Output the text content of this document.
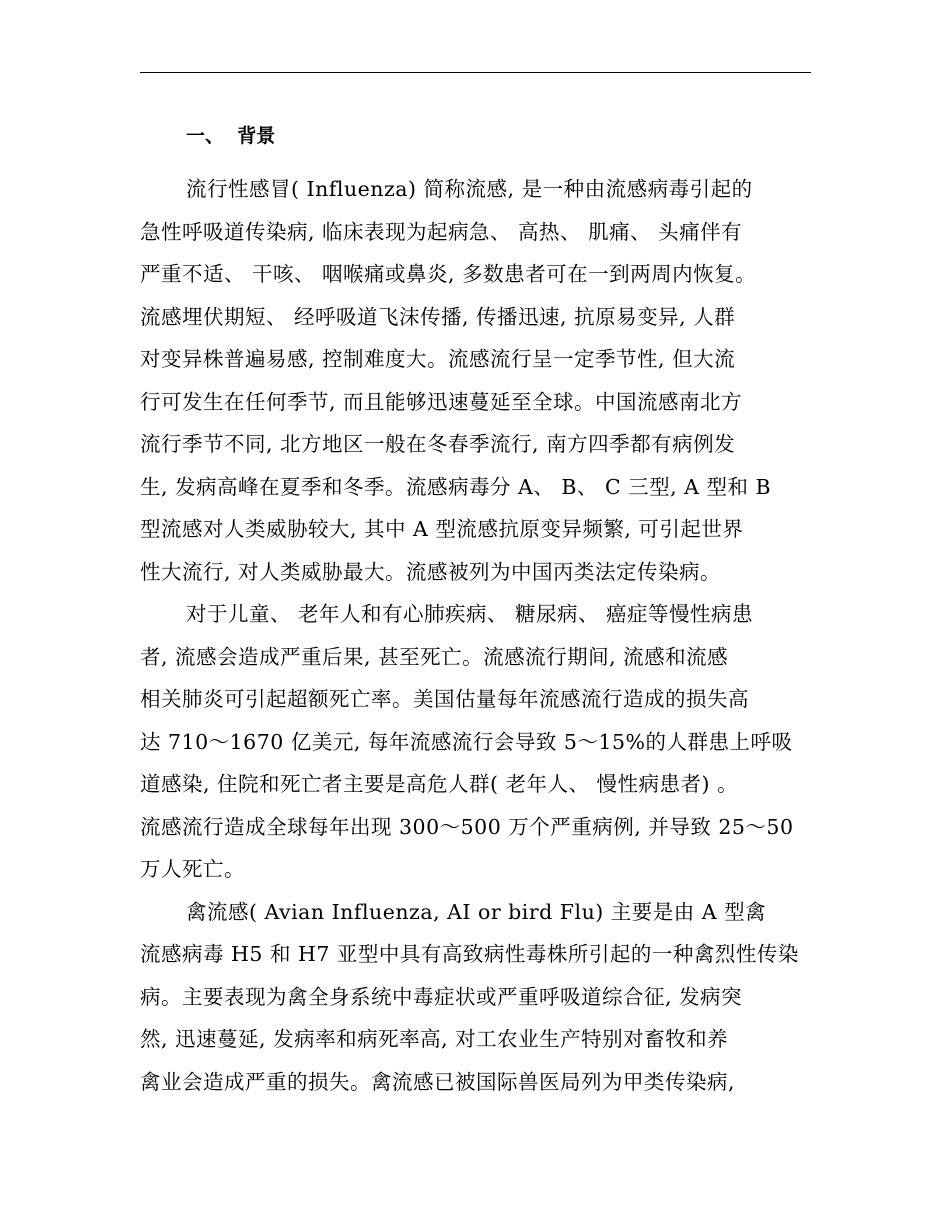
一、  背景
流行性感冒( Influenza) 简称流感, 是一种由流感病毒引起的
急性呼吸道传染病, 临床表现为起病急、 高热、 肌痛、 头痛伴有
严重不适、 干咳、 咽喉痛或鼻炎, 多数患者可在一到两周内恢复。
流感埋伏期短、 经呼吸道飞沫传播, 传播迅速, 抗原易变异, 人群
对变异株普遍易感, 控制难度大。流感流行呈一定季节性, 但大流
行可发生在任何季节, 而且能够迅速蔓延至全球。中国流感南北方
流行季节不同, 北方地区一般在冬春季流行, 南方四季都有病例发
生, 发病高峰在夏季和冬季。流感病毒分 A、 B、 C 三型, A 型和 B
型流感对人类威胁较大, 其中 A 型流感抗原变异频繁, 可引起世界
性大流行, 对人类威胁最大。流感被列为中国丙类法定传染病。
对于儿童、 老年人和有心肺疾病、 糖尿病、 癌症等慢性病患
者, 流感会造成严重后果, 甚至死亡。流感流行期间, 流感和流感
相关肺炎可引起超额死亡率。美国估量每年流感流行造成的损失高
达 710～1670 亿美元, 每年流感流行会导致 5～15%的人群患上呼吸
道感染, 住院和死亡者主要是高危人群( 老年人、 慢性病患者) 。
流感流行造成全球每年出现 300～500 万个严重病例, 并导致 25～50
万人死亡。
禽流感( Avian Influenza, AI or bird Flu) 主要是由 A 型禽
流感病毒 H5 和 H7 亚型中具有高致病性毒株所引起的一种禽烈性传染
病。主要表现为禽全身系统中毒症状或严重呼吸道综合征, 发病突
然, 迅速蔓延, 发病率和病死率高, 对工农业生产特别对畜牧和养
禽业会造成严重的损失。禽流感已被国际兽医局列为甲类传染病,
